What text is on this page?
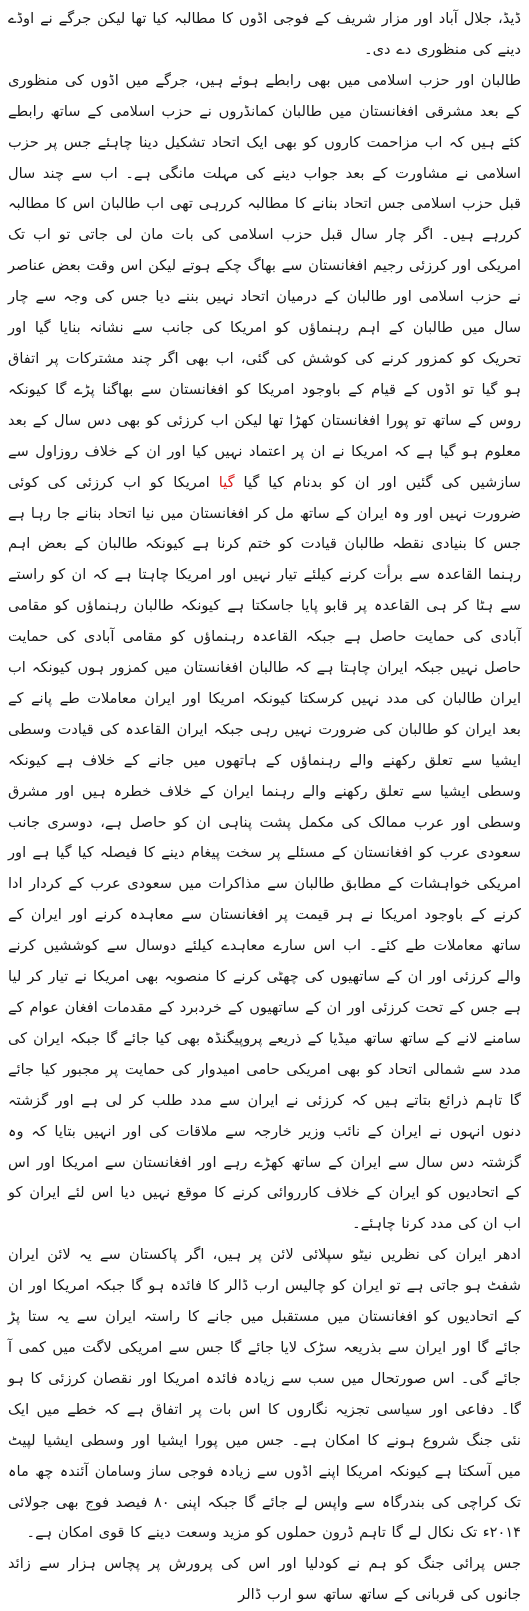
ڈیڈ، جلال آباد اور مزار شریف کے فوجی اڈوں کا مطالبہ کیا تھا لیکن جرگے نے اوڈے دینے کی منظوری دے دی۔

طالبان اور حزب اسلامی میں بھی رابطے ہوئے ہیں، جرگے میں اڈوں کی منظوری کے بعد مشرقی افغانستان میں طالبان کمانڈروں نے حزب اسلامی کے ساتھ رابطے کئے ہیں کہ اب مزاحمت کاروں کو بھی ایک اتحاد تشکیل دینا چاہئے جس پر حزب اسلامی نے مشاورت کے بعد جواب دینے کی مہلت مانگی ہے۔ اب سے چند سال قبل حزب اسلامی جس اتحاد بنانے کا مطالبہ کررہی تھی اب طالبان اس کا مطالبہ کررہے ہیں۔ اگر چار سال قبل حزب اسلامی کی بات مان لی جاتی تو اب تک امریکی اور کرزئی رجیم افغانستان سے بھاگ چکے ہوتے لیکن اس وقت بعض عناصر نے حزب اسلامی اور طالبان کے درمیان اتحاد نہیں بننے دیا جس کی وجہ سے چار سال میں طالبان کے اہم رہنماؤں کو امریکا کی جانب سے نشانہ بنایا گیا اور تحریک کو کمزور کرنے کی کوشش کی گئی، اب بھی اگر چند مشترکات پر اتفاق ہو گیا تو اڈوں کے قیام کے باوجود امریکا کو افغانستان سے بھاگنا پڑے گا کیونکہ روس کے ساتھ تو پورا افغانستان کھڑا تھا لیکن اب کرزئی کو بھی دس سال کے بعد معلوم ہو گیا ہے کہ امریکا نے ان پر اعتماد نہیں کیا اور ان کے خلاف روزاول سے سازشیں کی گئیں اور ان کو بدنام کیا گیا گیا امریکا کو اب کرزئی کی کوئی ضرورت نہیں اور وہ ایران کے ساتھ مل کر افغانستان میں نیا اتحاد بنانے جا رہا ہے جس کا بنیادی نقطہ طالبان قیادت کو ختم کرنا ہے کیونکہ طالبان کے بعض اہم رہنما القاعدہ سے برأت کرنے کیلئے تیار نہیں اور امریکا چاہتا ہے کہ ان کو راستے سے ہٹا کر ہی القاعدہ پر قابو پایا جاسکتا ہے کیونکہ طالبان رہنماؤں کو مقامی آبادی کی حمایت حاصل ہے جبکہ القاعدہ رہنماؤں کو مقامی آبادی کی حمایت حاصل نہیں جبکہ ایران چاہتا ہے کہ طالبان افغانستان میں کمزور ہوں کیونکہ اب ایران طالبان کی مدد نہیں کرسکتا کیونکہ امریکا اور ایران معاملات طے پانے کے بعد ایران کو طالبان کی ضرورت نہیں رہی جبکہ ایران القاعدہ کی قیادت وسطی ایشیا سے تعلق رکھنے والے رہنماؤں کے ہاتھوں میں جانے کے خلاف ہے کیونکہ وسطی ایشیا سے تعلق رکھنے والے رہنما ایران کے خلاف خطرہ ہیں اور مشرق وسطی اور عرب ممالک کی مکمل پشت پناہی ان کو حاصل ہے، دوسری جانب سعودی عرب کو افغانستان کے مسئلے پر سخت پیغام دینے کا فیصلہ کیا گیا ہے اور امریکی خواہشات کے مطابق طالبان سے مذاکرات میں سعودی عرب کے کردار ادا کرنے کے باوجود امریکا نے ہر قیمت پر افغانستان سے معاہدہ کرنے اور ایران کے ساتھ معاملات طے کئے۔ اب اس سارے معاہدے کیلئے دوسال سے کوششیں کرنے والے کرزئی اور ان کے ساتھیوں کی چھٹی کرنے کا منصوبہ بھی امریکا نے تیار کر لیا ہے جس کے تحت کرزئی اور ان کے ساتھیوں کے خردبرد کے مقدمات افغان عوام کے سامنے لانے کے ساتھ ساتھ میڈیا کے ذریعے پروپیگنڈہ بھی کیا جائے گا جبکہ ایران کی مدد سے شمالی اتحاد کو بھی امریکی حامی امیدوار کی حمایت پر مجبور کیا جائے گا تاہم ذرائع بتاتے ہیں کہ کرزئی نے ایران سے مدد طلب کر لی ہے اور گزشتہ دنوں انہوں نے ایران کے نائب وزیر خارجہ سے ملاقات کی اور انہیں بتایا کہ وہ گزشتہ دس سال سے ایران کے ساتھ کھڑے رہے اور افغانستان سے امریکا اور اس کے اتحادیوں کو ایران کے خلاف کارروائی کرنے کا موقع نہیں دیا اس لئے ایران کو اب ان کی مدد کرنا چاہئے۔

ادھر ایران کی نظریں نیٹو سپلائی لائن پر ہیں، اگر پاکستان سے یہ لائن ایران شفٹ ہو جاتی ہے تو ایران کو چالیس ارب ڈالر کا فائدہ ہو گا جبکہ امریکا اور ان کے اتحادیوں کو افغانستان میں مستقبل میں جانے کا راستہ ایران سے یہ ستا پڑ جائے گا اور ایران سے بذریعہ سڑک لایا جائے گا جس سے امریکی لاگت میں کمی آ جائے گی۔ اس صورتحال میں سب سے زیادہ فائدہ امریکا اور نقصان کرزئی کا ہو گا۔ دفاعی اور سیاسی تجزیہ نگاروں کا اس بات پر اتفاق ہے کہ خطے میں ایک نئی جنگ شروع ہونے کا امکان ہے۔ جس میں پورا ایشیا اور وسطی ایشیا لپیٹ میں آسکتا ہے کیونکہ امریکا اپنے اڈوں سے زیادہ فوجی ساز وسامان آئندہ چھ ماہ تک کراچی کی بندرگاہ سے واپس لے جائے گا جبکہ اپنی ۸۰ فیصد فوج بھی جولائی ۲۰۱۴ء تک نکال لے گا تاہم ڈرون حملوں کو مزید وسعت دینے کا قوی امکان ہے۔

جس پرائی جنگ کو ہم نے کودلیا اور اس کی پرورش پر پچاس ہزار سے زائد جانوں کی قربانی کے ساتھ ساتھ سو ارب ڈالر
